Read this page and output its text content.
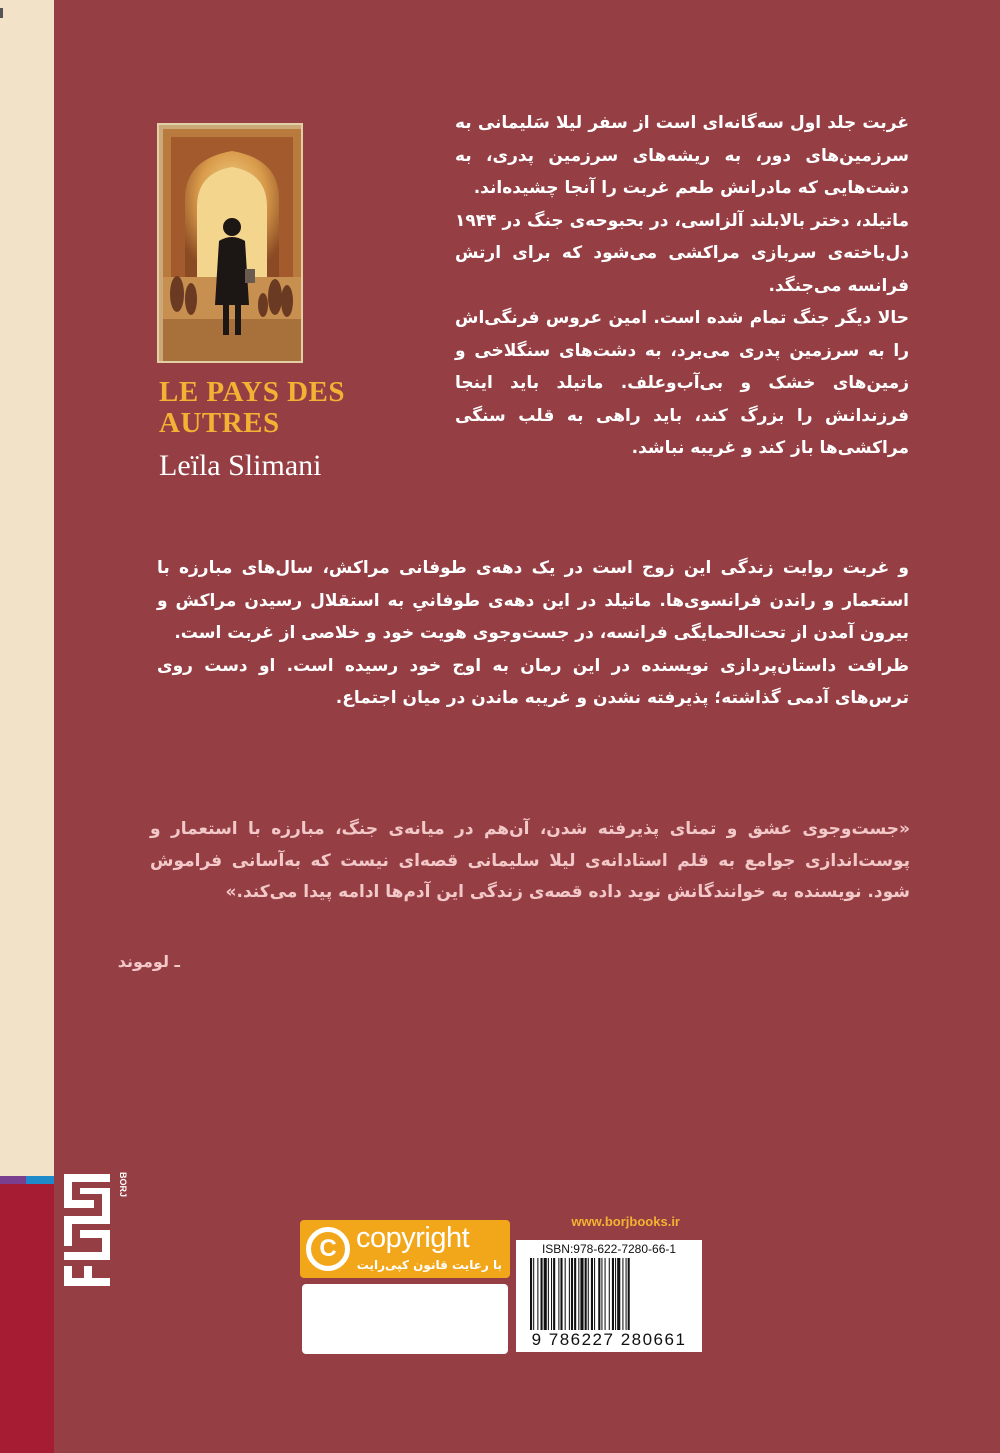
LE PAYS DES AUTRES
Leïla Slimani

غربت جلد اول سه‌گانه‌ای است از سفر لیلا سَلیمانی به سرزمین‌های دور، به ریشه‌های سرزمین پدری، به دشت‌هایی که مادرانش طعم غربت را آنجا چشیده‌اند.

ماتیلد، دختر بالابلند آلزاسی، در بحبوحه‌ی جنگ در ۱۹۴۴ دل‌باخته‌ی سربازی مراکشی می‌شود که برای ارتش فرانسه می‌جنگد.

حالا دیگر جنگ تمام شده است. امین عروس فرنگی‌اش را به سرزمین پدری می‌برد، به دشت‌های سنگلاخی و زمین‌های خشک و بی‌آب‌وعلف. ماتیلد باید اینجا فرزندانش را بزرگ کند، باید راهی به قلب سنگی مراکشی‌ها باز کند و غریبه نباشد.

و غربت روایت زندگی این زوج است در یک دهه‌ی طوفانی مراکش، سال‌های مبارزه با استعمار و راندن فرانسوی‌ها. ماتیلد در این دهه‌ی طوفانیِ به استقلال رسیدن مراکش و بیرون آمدن از تحت‌الحمایگی فرانسه، در جست‌وجوی هویت خود و خلاصی از غربت است.

ظرافت داستان‌پردازی نویسنده در این رمان به اوج خود رسیده است. او دست روی ترس‌های آدمی گذاشته؛ پذیرفته نشدن و غریبه ماندن در میان اجتماع.

«جست‌وجوی عشق و تمنای پذیرفته شدن، آن‌هم در میانه‌ی جنگ، مبارزه با استعمار و پوست‌اندازی جوامع به قلم استادانه‌ی لیلا سلیمانی قصه‌ای نیست که به‌آسانی فراموش شود. نویسنده به خوانندگانش نوید داده قصه‌ی زندگی این آدم‌ها ادامه پیدا می‌کند.»
ـ لوموند
BORJ
www.borjbooks.ir
C copyright
با رعایت قانون کپی‌رایت
ISBN:978-622-7280-66-1
9 786227 280661
